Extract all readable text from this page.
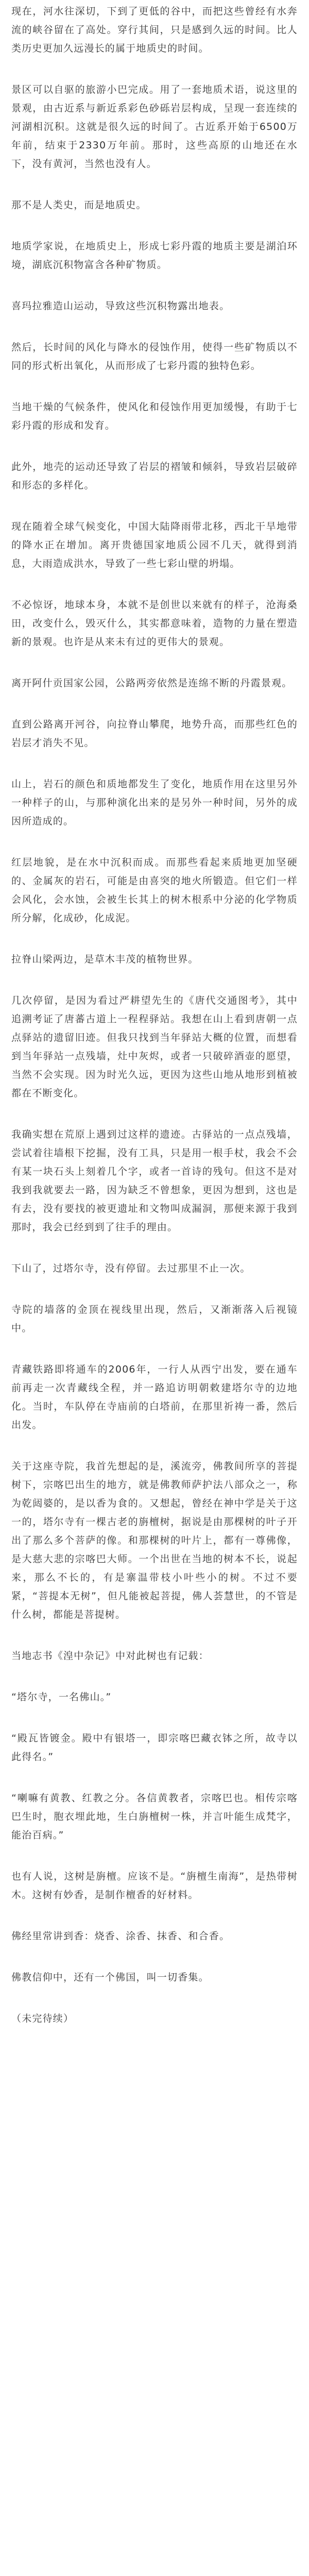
现在，河水往深切，下到了更低的谷中，而把这些曾经有水奔流的峡谷留在了高处。穿行其间，只是感到久远的时间。比人类历史更加久远漫长的属于地质史的时间。

景区可以自驱的旅游小巴完成。用了一套地质术语，说这里的景观，由古近系与新近系彩色砂砾岩层构成，呈现一套连续的河湖相沉积。这就是很久远的时间了。古近系开始于6500万年前，结束于2330万年前。那时，这些高原的山地还在水下，没有黄河，当然也没有人。

那不是人类史，而是地质史。

地质学家说，在地质史上，形成七彩丹霞的地质主要是湖泊环境，湖底沉积物富含各种矿物质。

喜玛拉雅造山运动，导致这些沉积物露出地表。

然后，长时间的风化与降水的侵蚀作用，使得一些矿物质以不同的形式析出氧化，从而形成了七彩丹霞的独特色彩。

当地干燥的气候条件，使风化和侵蚀作用更加缓慢，有助于七彩丹霞的形成和发育。

此外，地壳的运动还导致了岩层的褶皱和倾斜，导致岩层破碎和形态的多样化。

现在随着全球气候变化，中国大陆降雨带北移，西北干旱地带的降水正在增加。离开贵德国家地质公园不几天，就得到消息，大雨造成洪水，导致了一些七彩山壁的坍塌。

不必惊讶，地球本身，本就不是创世以来就有的样子，沧海桑田，改变什么，毁灭什么，其实都意味着，造物的力量在塑造新的景观。也许是从来未有过的更伟大的景观。

离开阿什贡国家公园，公路两旁依然是连绵不断的丹霞景观。

直到公路离开河谷，向拉脊山攀爬，地势升高，而那些红色的岩层才消失不见。

山上，岩石的颜色和质地都发生了变化，地质作用在这里另外一种样子的山，与那种演化出来的是另外一种时间，另外的成因所造成的。

红层地貌，是在水中沉积而成。而那些看起来质地更加坚硬的、金属灰的岩石，可能是由喜突的地火所锻造。但它们一样会风化，会水蚀，会被生长其上的树木根系中分泌的化学物质所分解，化成砂，化成泥。

拉脊山梁两边，是草木丰茂的植物世界。

几次停留，是因为看过严耕望先生的《唐代交通图考》，其中追溯考证了唐蕃古道上一程程驿站。我想在山上看到唐朝一点点驿站的遗留旧迹。但我只找到当年驿站大概的位置，而想看到当年驿站一点残墙，灶中灰烬，或者一只破碎酒壶的愿望，当然不会实现。因为时光久远，更因为这些山地从地形到植被都在不断变化。

我确实想在荒原上遇到过这样的遗迹。古驿站的一点点残墙，尝试着往墙根下挖掘，没有工具，只是用一根手杖，我会不会有某一块石头上刻着几个字，或者一首诗的残句。但这不是对我到我就要去一路，因为缺乏不曾想象，更因为想到，这也是有去，没有要找的被更遗址和文物叫成漏洞，那便来源于我到那时，我会已经到到了往手的理由。

下山了，过塔尔寺，没有停留。去过那里不止一次。

寺院的墙落的金顶在视线里出现，然后，又渐渐落入后视镜中。

青藏铁路即将通车的2006年，一行人从西宁出发，要在通车前再走一次青藏线全程，并一路追访明朝敕建塔尔寺的边地化。当时，车队停在寺庙前的白塔前，在那里祈祷一番，然后出发。

关于这座寺院，我首先想起的是，溪流旁，佛教间所享的菩提树下，宗喀巴出生的地方，就是佛教师萨护法八部众之一，称为乾闼婆的，是以香为食的。又想起，曾经在神中学是关于这一的，塔尔寺有一棵古老的旃檀树，据说是由那棵树的叶子开出了那么多个菩萨的像。和那棵树的叶片上，都有一尊佛像，是大慈大悲的宗喀巴大师。一个出世在当地的树本不长，说起来，那么不长的，有是寨温带枝小叶些小的树。不过不要紧，“菩提本无树”，但凡能被起菩提，佛人荟慧世，的不管是什么树，都能是菩提树。

当地志书《湟中杂记》中对此树也有记载：

“塔尔寺，一名佛山。”

“殿瓦皆镀金。殿中有银塔一，即宗喀巴藏衣钵之所，故寺以此得名。”

“喇嘛有黄教、红教之分。各信黄教者，宗喀巴也。相传宗喀巴生时，胞衣埋此地，生白旃檀树一株，并言叶能生成梵字，能治百病。”

也有人说，这树是旃檀。应该不是。“旃檀生南海”，是热带树木。这树有妙香，是制作檀香的好材料。

佛经里常讲到香：烧香、涂香、抹香、和合香。

佛教信仰中，还有一个佛国，叫一切香集。

（未完待续）
